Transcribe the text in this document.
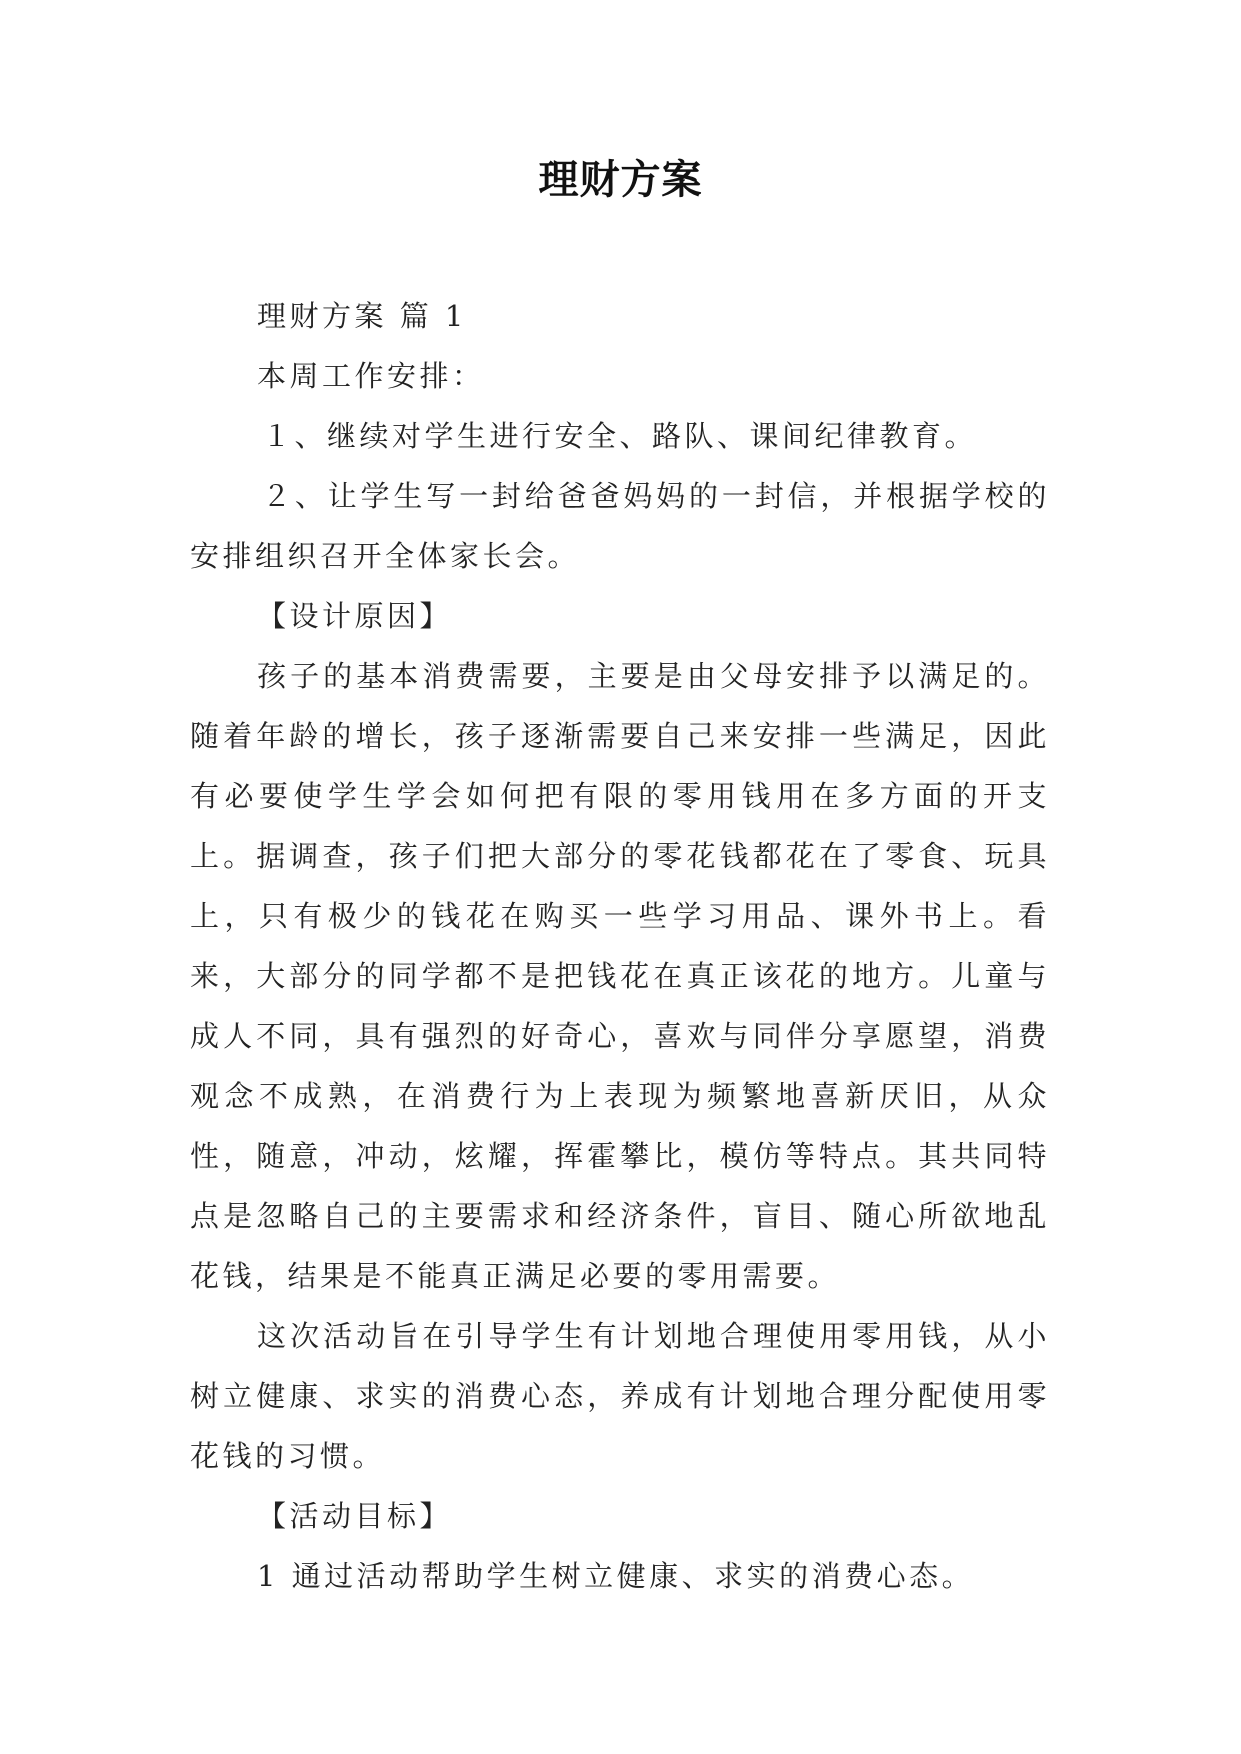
理财方案

理财方案 篇 1

本周工作安排：

１、继续对学生进行安全、路队、课间纪律教育。

２、让学生写一封给爸爸妈妈的一封信，并根据学校的安排组织召开全体家长会。

【设计原因】

孩子的基本消费需要，主要是由父母安排予以满足的。随着年龄的增长，孩子逐渐需要自己来安排一些满足，因此有必要使学生学会如何把有限的零用钱用在多方面的开支上。据调查，孩子们把大部分的零花钱都花在了零食、玩具上，只有极少的钱花在购买一些学习用品、课外书上。看来，大部分的同学都不是把钱花在真正该花的地方。儿童与成人不同，具有强烈的好奇心，喜欢与同伴分享愿望，消费观念不成熟，在消费行为上表现为频繁地喜新厌旧，从众性，随意，冲动，炫耀，挥霍攀比，模仿等特点。其共同特点是忽略自己的主要需求和经济条件，盲目、随心所欲地乱花钱，结果是不能真正满足必要的零用需要。

这次活动旨在引导学生有计划地合理使用零用钱，从小树立健康、求实的消费心态，养成有计划地合理分配使用零花钱的习惯。

【活动目标】

1 通过活动帮助学生树立健康、求实的消费心态。
